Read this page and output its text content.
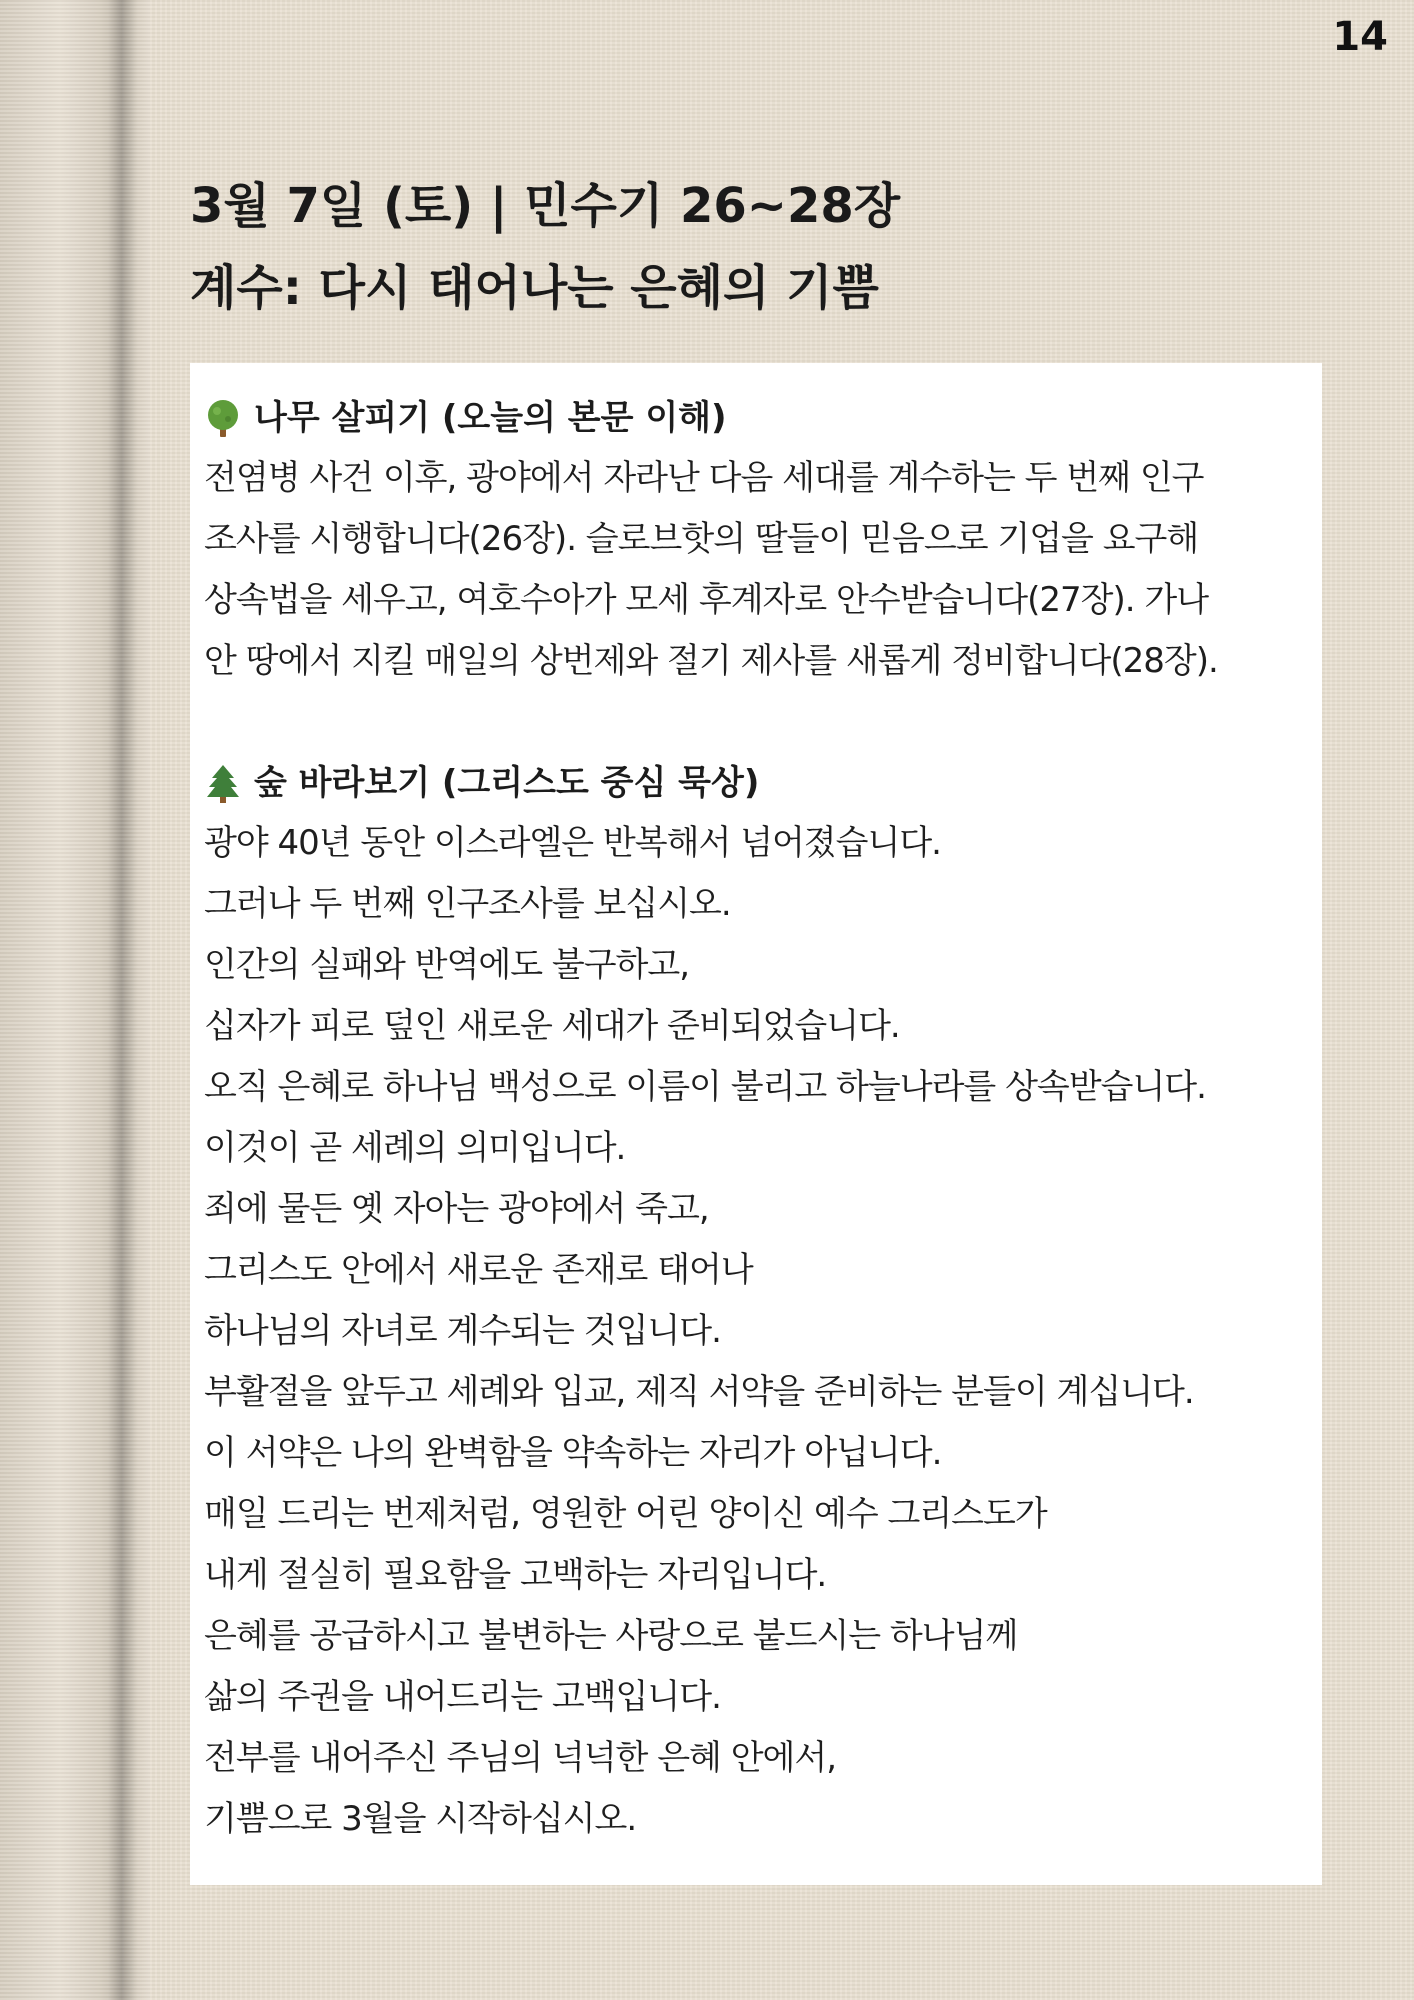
14
3월 7일 (토) | 민수기 26~28장
계수: 다시 태어나는 은혜의 기쁨
나무 살피기 (오늘의 본문 이해)
전염병 사건 이후, 광야에서 자라난 다음 세대를 계수하는 두 번째 인구
조사를 시행합니다(26장). 슬로브핫의 딸들이 믿음으로 기업을 요구해
상속법을 세우고, 여호수아가 모세 후계자로 안수받습니다(27장). 가나
안 땅에서 지킬 매일의 상번제와 절기 제사를 새롭게 정비합니다(28장).
숲 바라보기 (그리스도 중심 묵상)
광야 40년 동안 이스라엘은 반복해서 넘어졌습니다.
그러나 두 번째 인구조사를 보십시오.
인간의 실패와 반역에도 불구하고,
십자가 피로 덮인 새로운 세대가 준비되었습니다.
오직 은혜로 하나님 백성으로 이름이 불리고 하늘나라를 상속받습니다.
이것이 곧 세례의 의미입니다.
죄에 물든 옛 자아는 광야에서 죽고,
그리스도 안에서 새로운 존재로 태어나
하나님의 자녀로 계수되는 것입니다.
부활절을 앞두고 세례와 입교, 제직 서약을 준비하는 분들이 계십니다.
이 서약은 나의 완벽함을 약속하는 자리가 아닙니다.
매일 드리는 번제처럼, 영원한 어린 양이신 예수 그리스도가
내게 절실히 필요함을 고백하는 자리입니다.
은혜를 공급하시고 불변하는 사랑으로 붙드시는 하나님께
삶의 주권을 내어드리는 고백입니다.
전부를 내어주신 주님의 넉넉한 은혜 안에서,
기쁨으로 3월을 시작하십시오.
